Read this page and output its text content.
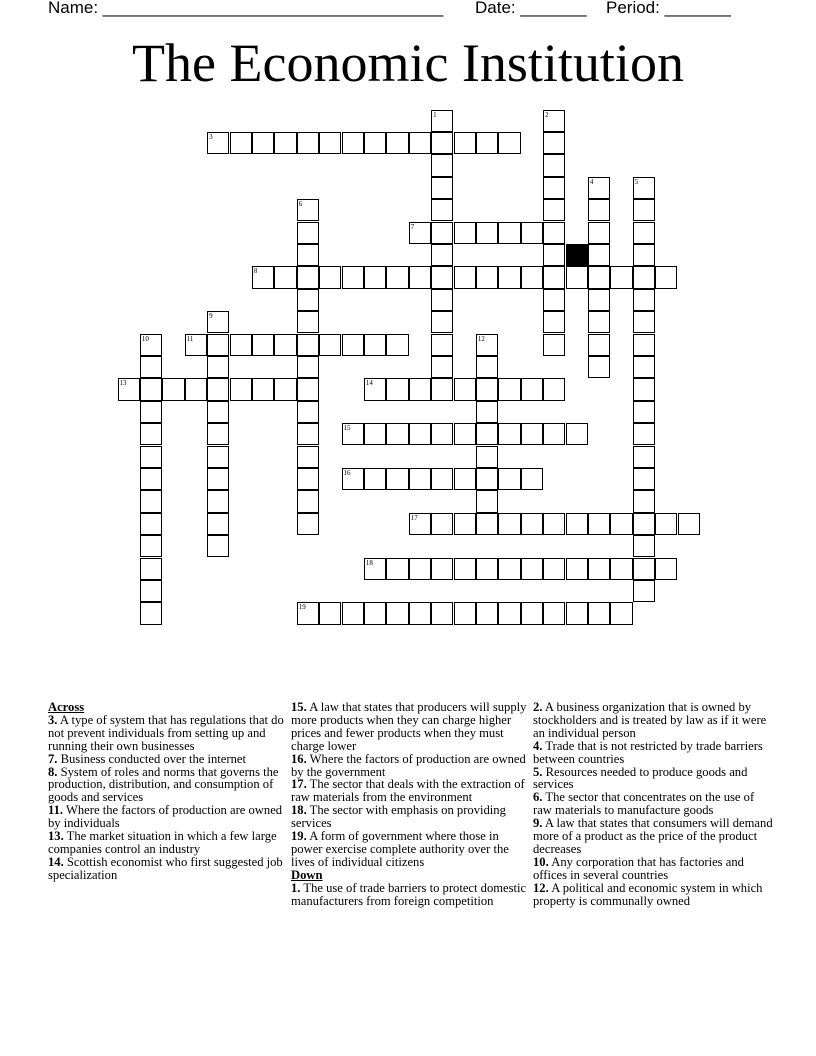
Name: ____________________________________ Date: _______ Period: _______
The Economic Institution
1	2
3
4	5
6
7
8
9
10	11	12
13	14
15
16
17
18
19

Across

3. A type of system that has regulations that do not prevent individuals from setting up and running their own businesses

7. Business conducted over the internet

8. System of roles and norms that governs the production, distribution, and consumption of goods and services

11. Where the factors of production are owned by individuals

13. The market situation in which a few large companies control an industry

14. Scottish economist who first suggested job specialization

15. A law that states that producers will supply more products when they can charge higher prices and fewer products when they must charge lower

16. Where the factors of production are owned by the government

17. The sector that deals with the extraction of raw materials from the environment

18. The sector with emphasis on providing services

19. A form of government where those in power exercise complete authority over the lives of individual citizens

Down

1. The use of trade barriers to protect domestic manufacturers from foreign competition

2. A business organization that is owned by stockholders and is treated by law as if it were an individual person

4. Trade that is not restricted by trade barriers between countries

5. Resources needed to produce goods and services

6. The sector that concentrates on the use of raw materials to manufacture goods

9. A law that states that consumers will demand more of a product as the price of the product decreases

10. Any corporation that has factories and offices in several countries

12. A political and economic system in which property is communally owned
